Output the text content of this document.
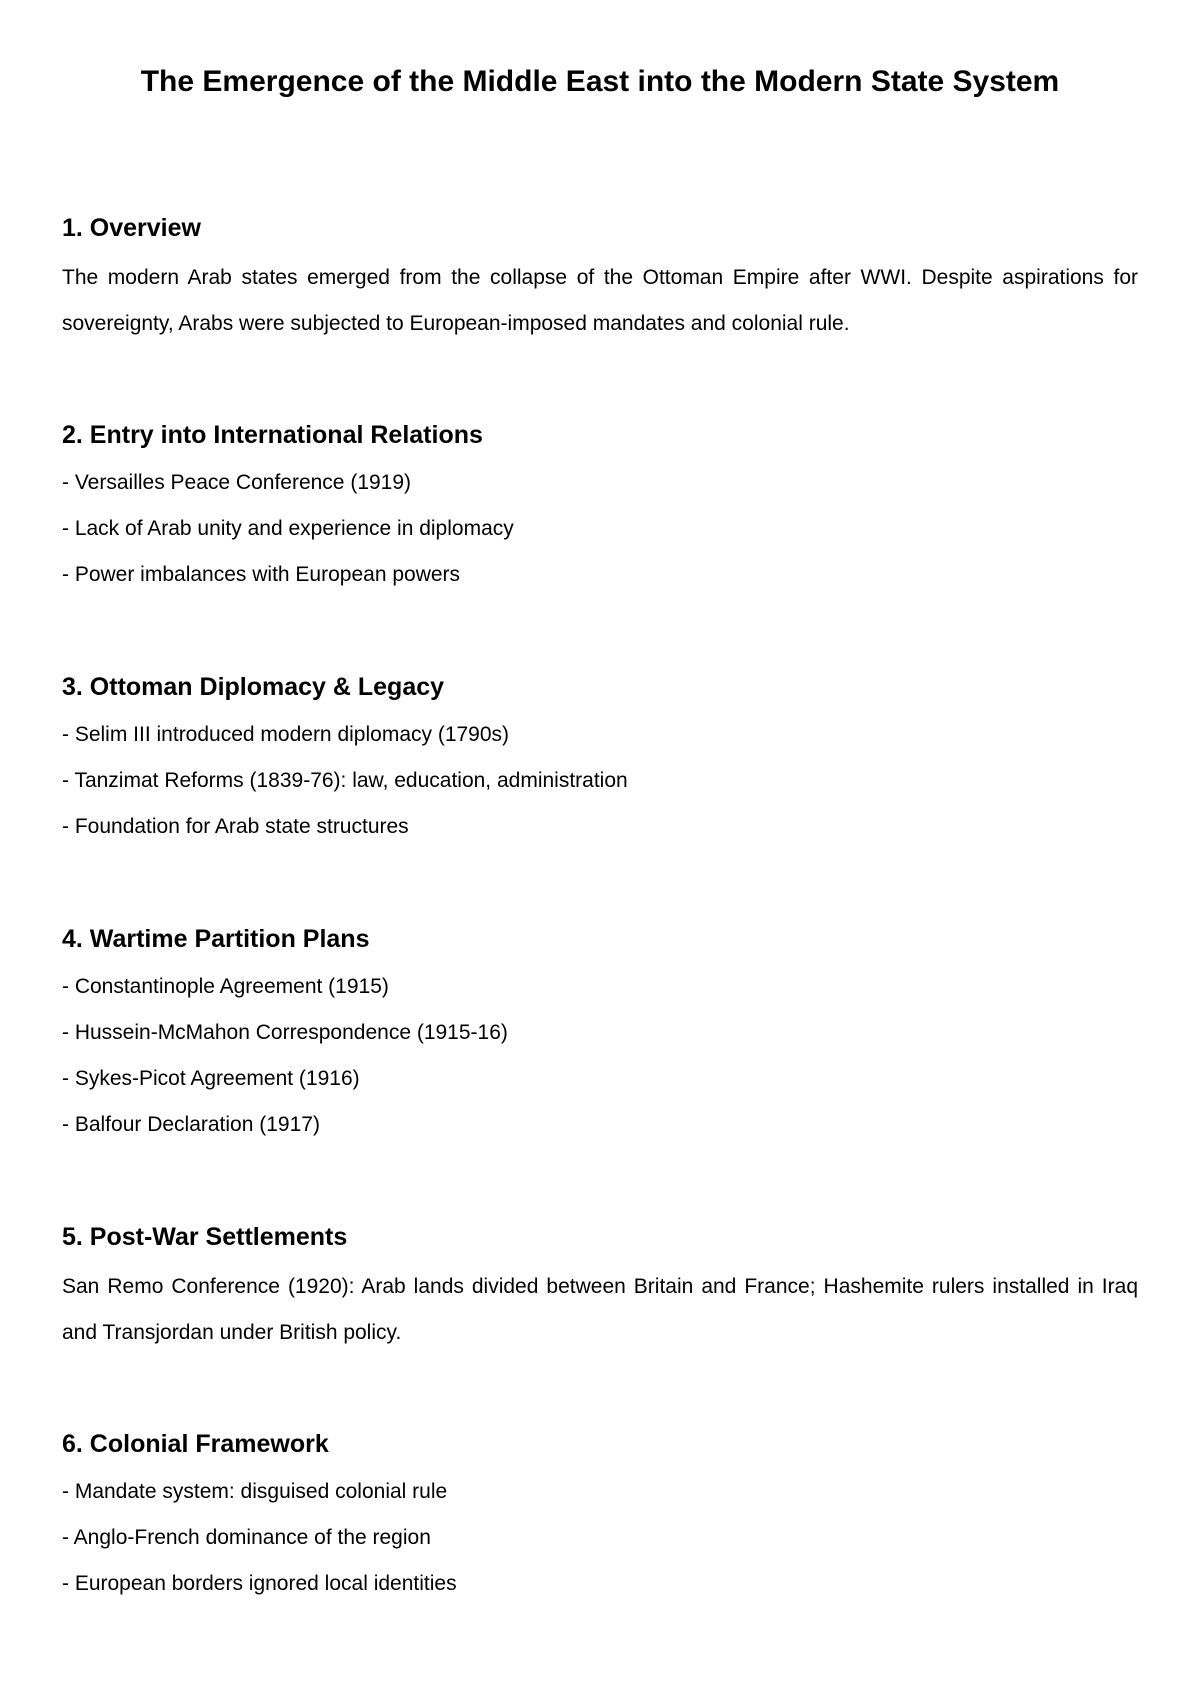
The Emergence of the Middle East into the Modern State System
1. Overview

The modern Arab states emerged from the collapse of the Ottoman Empire after WWI. Despite aspirations for sovereignty, Arabs were subjected to European-imposed mandates and colonial rule.

2. Entry into International Relations
- Versailles Peace Conference (1919)
- Lack of Arab unity and experience in diplomacy
- Power imbalances with European powers
3. Ottoman Diplomacy & Legacy
- Selim III introduced modern diplomacy (1790s)
- Tanzimat Reforms (1839-76): law, education, administration
- Foundation for Arab state structures
4. Wartime Partition Plans
- Constantinople Agreement (1915)
- Hussein-McMahon Correspondence (1915-16)
- Sykes-Picot Agreement (1916)
- Balfour Declaration (1917)
5. Post-War Settlements

San Remo Conference (1920): Arab lands divided between Britain and France; Hashemite rulers installed in Iraq and Transjordan under British policy.

6. Colonial Framework
- Mandate system: disguised colonial rule
- Anglo-French dominance of the region
- European borders ignored local identities
